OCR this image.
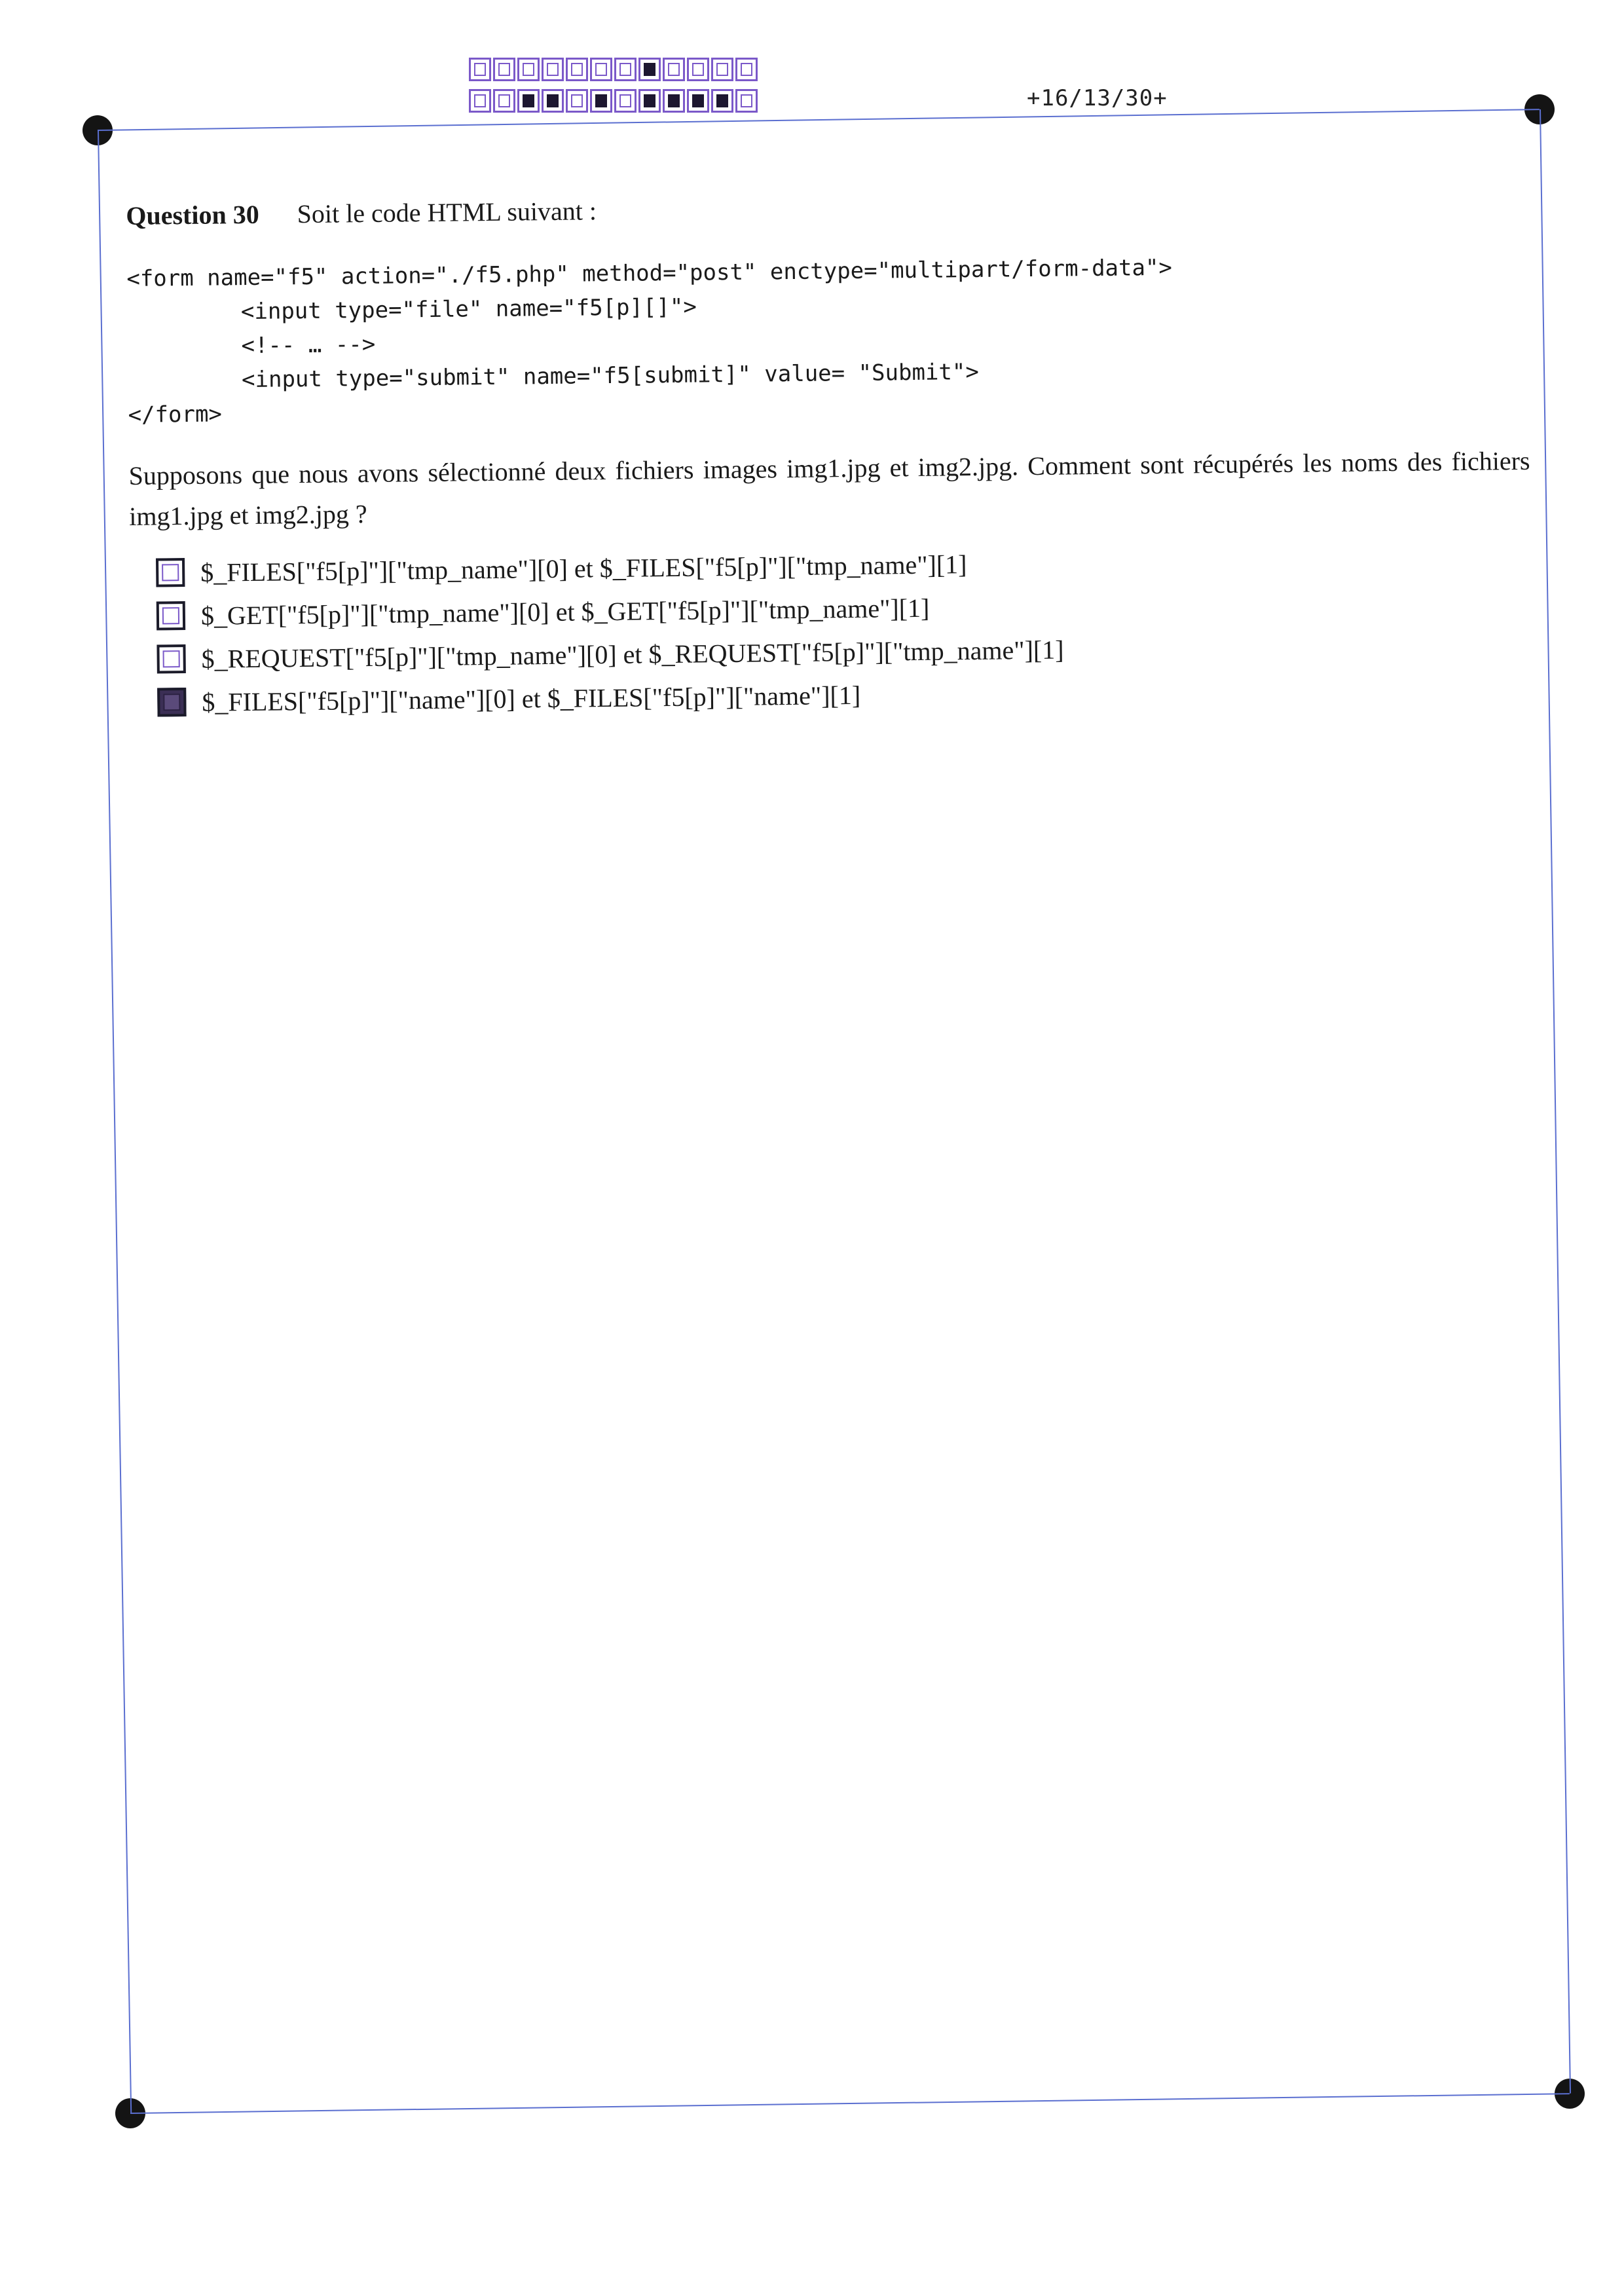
+16/13/30+

Question 30 Soit le code HTML suivant :

<form name="f5" action="./f5.php" method="post" enctype="multipart/form-data">
<input type="file" name="f5[p][]">
<!-- … -->
<input type="submit" name="f5[submit]" value= "Submit">
</form>

Supposons que nous avons sélectionné deux fichiers images img1.jpg et img2.jpg. Comment sont récupérés les noms des fichiers img1.jpg et img2.jpg ?

$_FILES["f5[p]"]["tmp_name"][0] et $_FILES["f5[p]"]["tmp_name"][1]
$_GET["f5[p]"]["tmp_name"][0] et $_GET["f5[p]"]["tmp_name"][1]
$_REQUEST["f5[p]"]["tmp_name"][0] et $_REQUEST["f5[p]"]["tmp_name"][1]
$_FILES["f5[p]"]["name"][0] et $_FILES["f5[p]"]["name"][1]
